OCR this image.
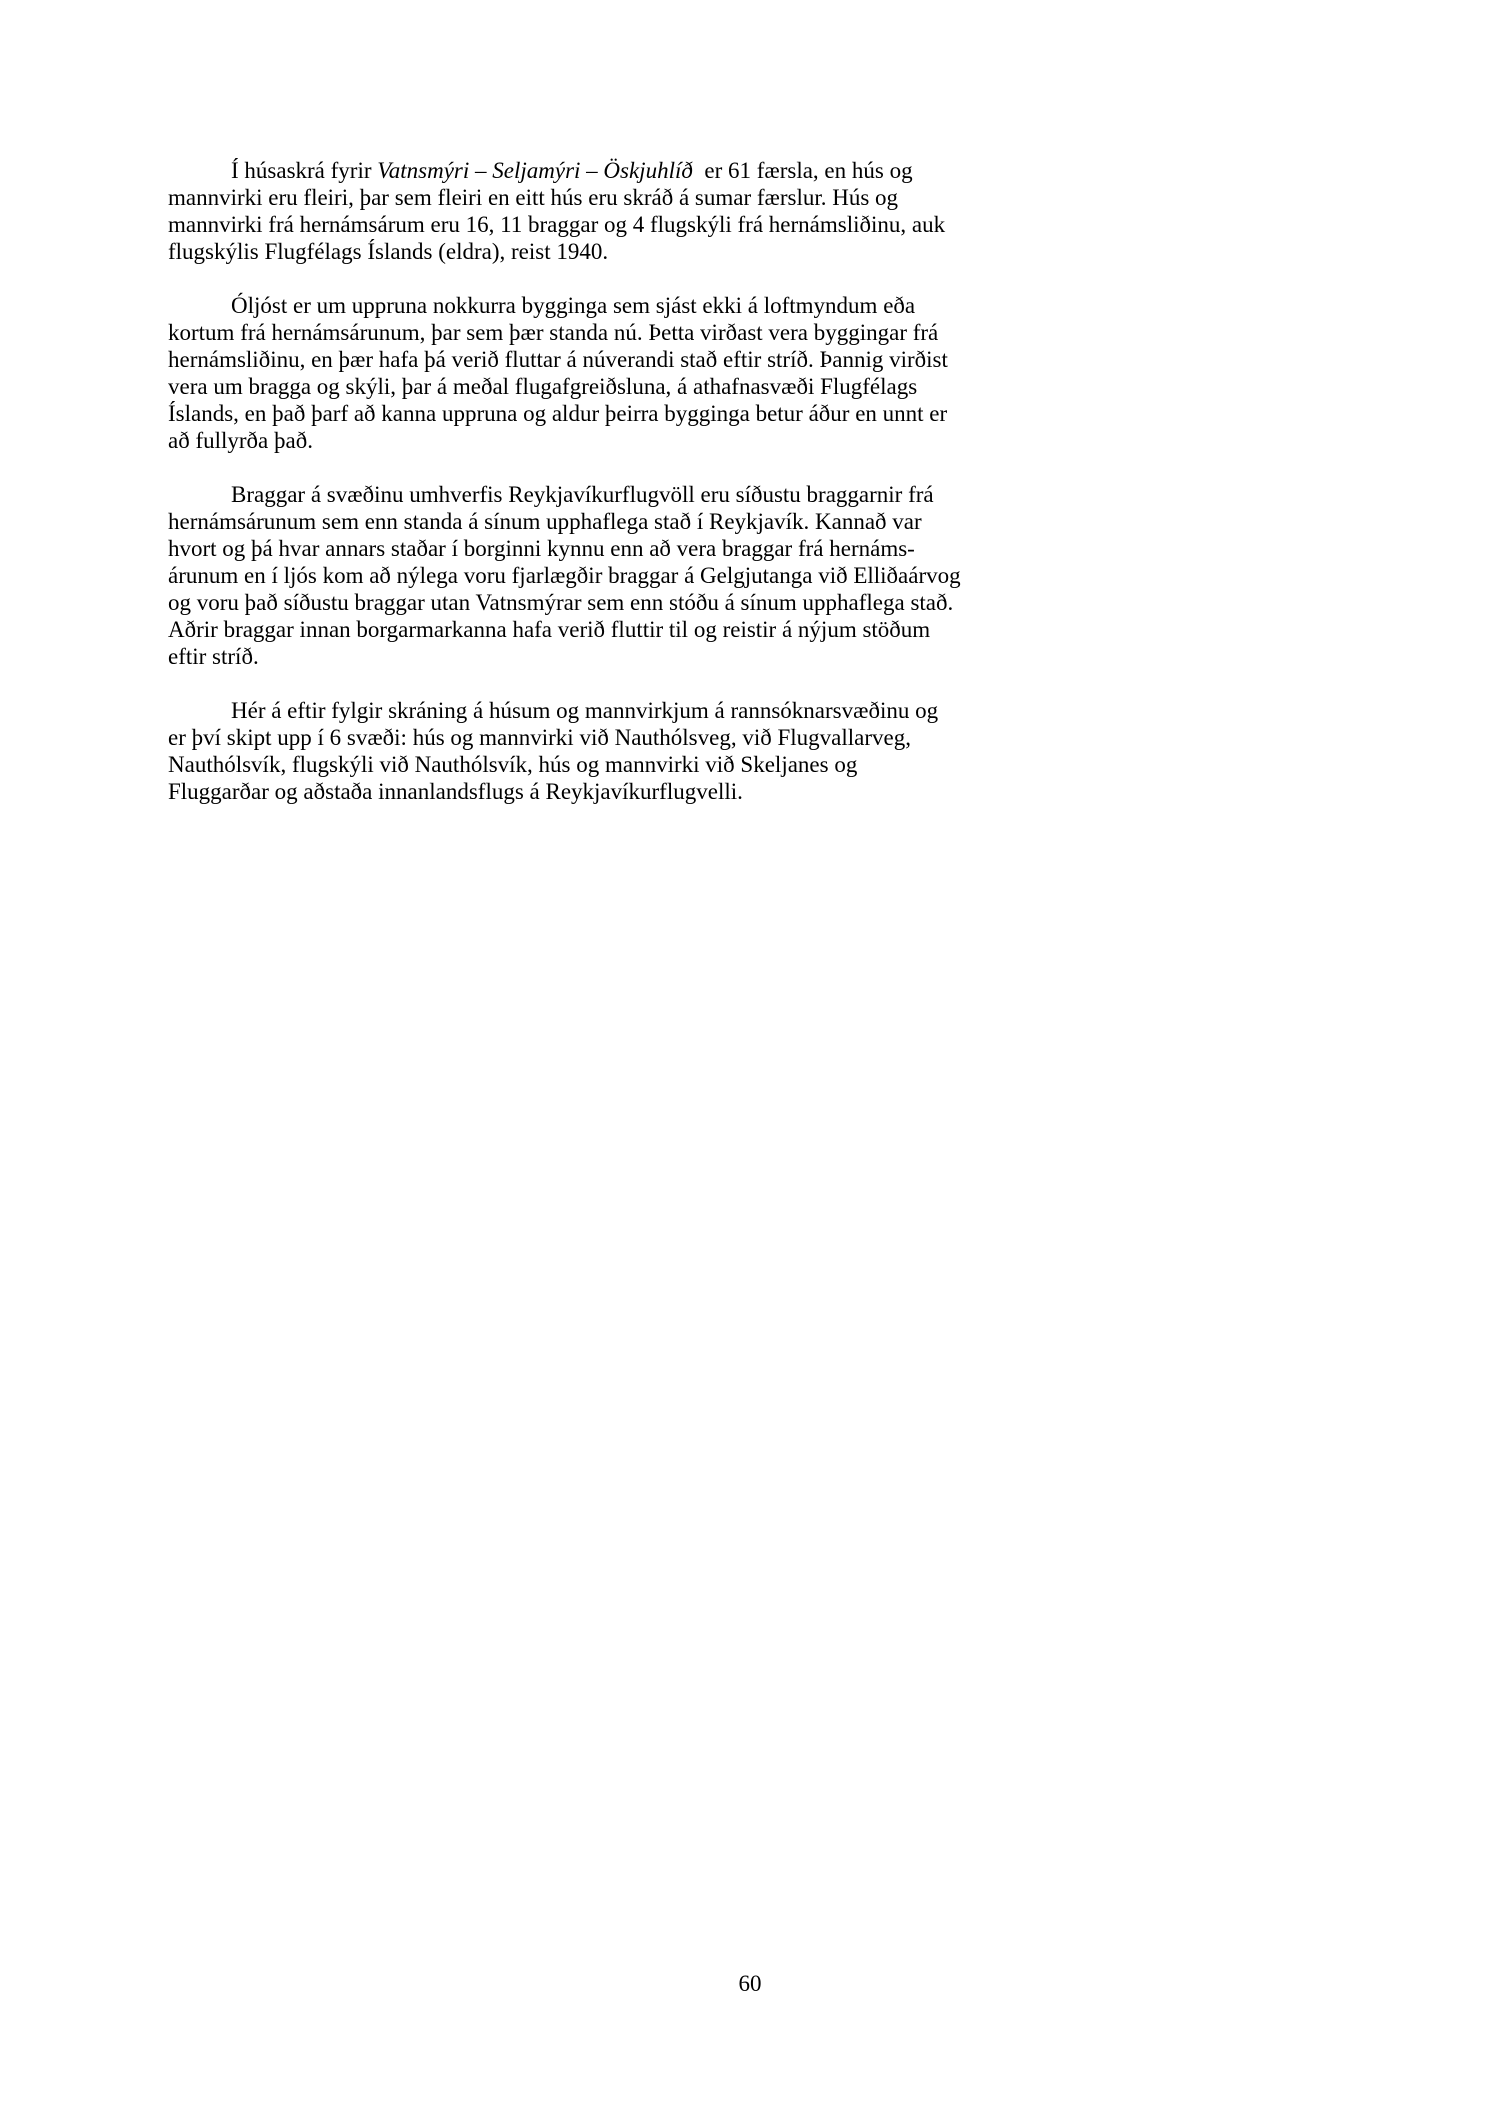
Í húsaskrá fyrir Vatnsmýri – Seljamýri – Öskjuhlíð  er 61 færsla, en hús og
mannvirki eru fleiri, þar sem fleiri en eitt hús eru skráð á sumar færslur. Hús og
mannvirki frá hernámsárum eru 16, 11 braggar og 4 flugskýli frá hernámsliðinu, auk
flugskýlis Flugfélags Íslands (eldra), reist 1940.

Óljóst er um uppruna nokkurra bygginga sem sjást ekki á loftmyndum eða
kortum frá hernámsárunum, þar sem þær standa nú. Þetta virðast vera byggingar frá
hernámsliðinu, en þær hafa þá verið fluttar á núverandi stað eftir stríð. Þannig virðist
vera um bragga og skýli, þar á meðal flugafgreiðsluna, á athafnasvæði Flugfélags
Íslands, en það þarf að kanna uppruna og aldur þeirra bygginga betur áður en unnt er
að fullyrða það.

Braggar á svæðinu umhverfis Reykjavíkurflugvöll eru síðustu braggarnir frá
hernámsárunum sem enn standa á sínum upphaflega stað í Reykjavík. Kannað var
hvort og þá hvar annars staðar í borginni kynnu enn að vera braggar frá hernáms-
árunum en í ljós kom að nýlega voru fjarlægðir braggar á Gelgjutanga við Elliðaárvog
og voru það síðustu braggar utan Vatnsmýrar sem enn stóðu á sínum upphaflega stað.
Aðrir braggar innan borgarmarkanna hafa verið fluttir til og reistir á nýjum stöðum
eftir stríð.

Hér á eftir fylgir skráning á húsum og mannvirkjum á rannsóknarsvæðinu og
er því skipt upp í 6 svæði: hús og mannvirki við Nauthólsveg, við Flugvallarveg,
Nauthólsvík, flugskýli við Nauthólsvík, hús og mannvirki við Skeljanes og
Fluggarðar og aðstaða innanlandsflugs á Reykjavíkurflugvelli.

60
